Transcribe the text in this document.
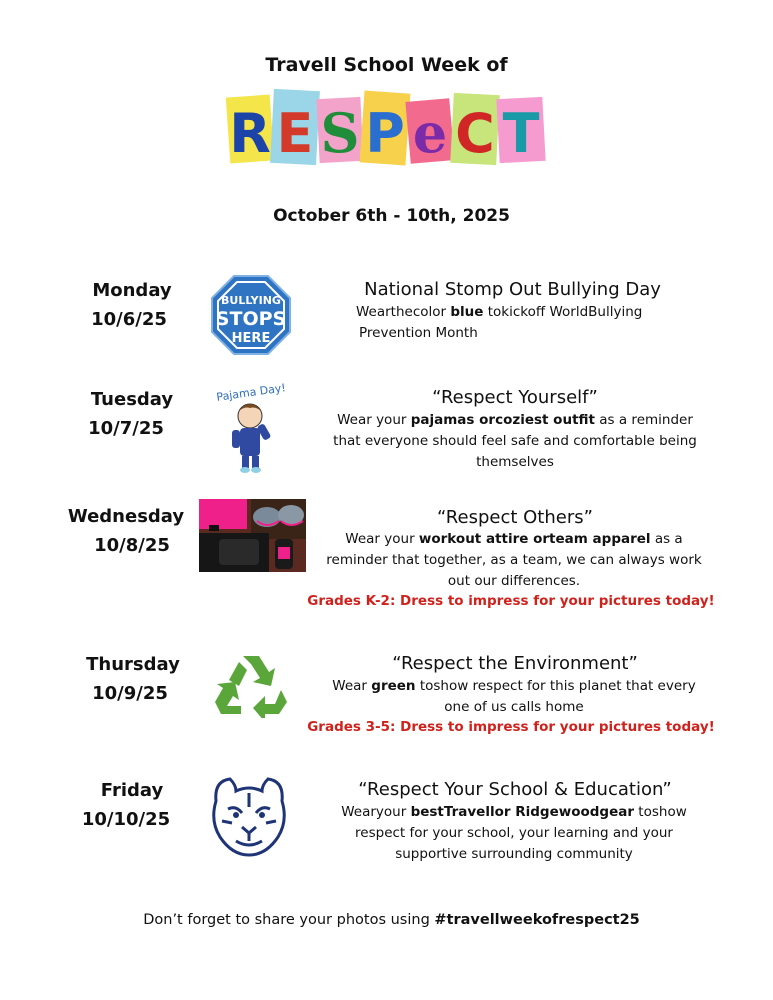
Travell School Week of
R E S P e C T
October 6th - 10th, 2025
Monday
10/6/25
BULLYING
STOPS
HERE
National Stomp Out Bullying Day
Wearthecolor blue tokickoff WorldBullying
Prevention Month
Tuesday
10/7/25
Pajama Day!	“Respect Yourself”
Wear your pajamas orcoziest outfit as a reminder
that everyone should feel safe and comfortable being
themselves
Wednesday
10/8/25
“Respect Others”
Wear your workout attire orteam apparel as a
reminder that together, as a team, we can always work
out our differences.
Grades K-2: Dress to impress for your pictures today!
Thursday
10/9/25
“Respect the Environment”
Wear green toshow respect for this planet that every
one of us calls home
Grades 3-5: Dress to impress for your pictures today!
Friday
10/10/25
“Respect Your School & Education”
Wearyour bestTravellor Ridgewoodgear toshow
respect for your school, your learning and your
supportive surrounding community
Don’t forget to share your photos using #travellweekofrespect25
